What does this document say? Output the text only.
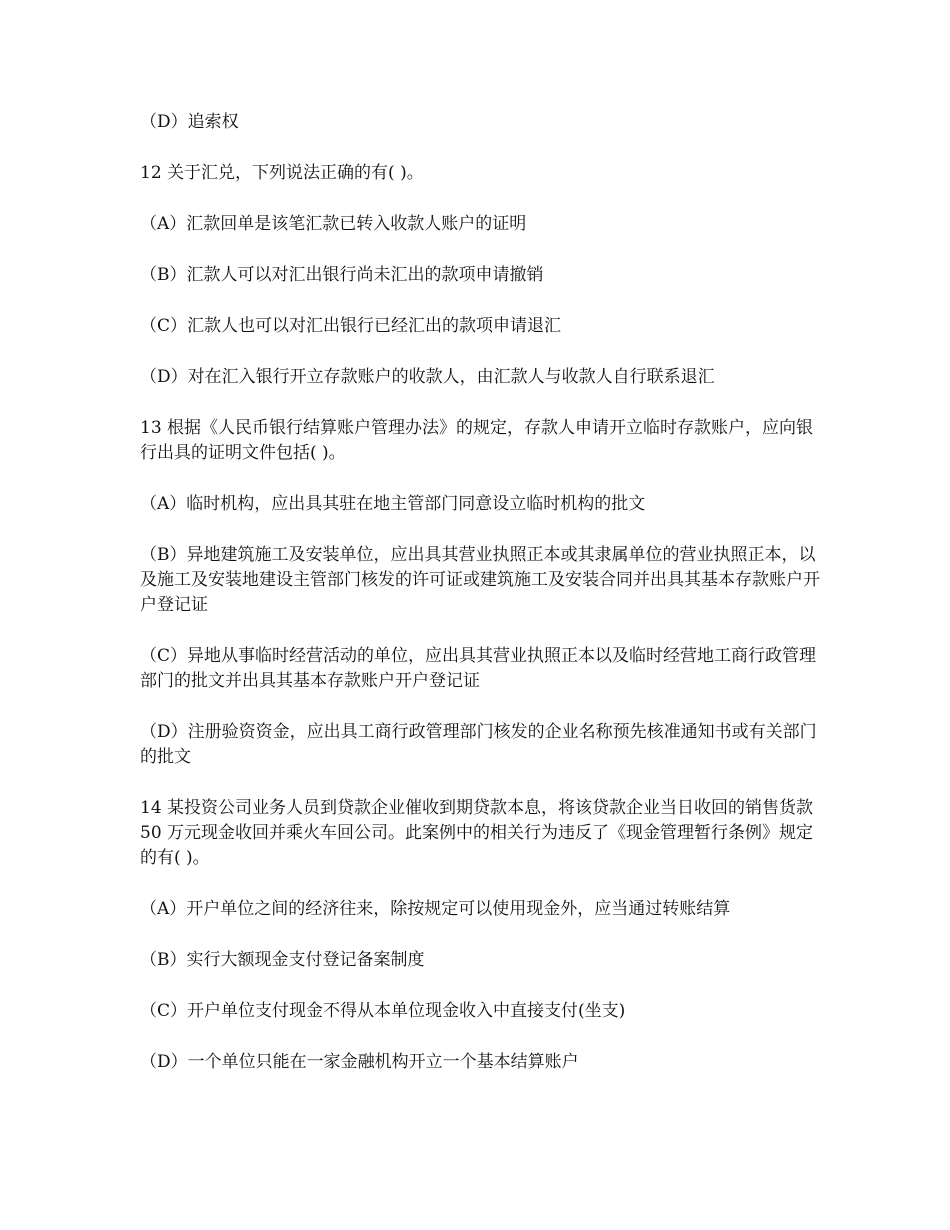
（D）追索权

12 关于汇兑，下列说法正确的有( )。

（A）汇款回单是该笔汇款已转入收款人账户的证明

（B）汇款人可以对汇出银行尚未汇出的款项申请撤销

（C）汇款人也可以对汇出银行已经汇出的款项申请退汇

（D）对在汇入银行开立存款账户的收款人，由汇款人与收款人自行联系退汇

13 根据《人民币银行结算账户管理办法》的规定，存款人申请开立临时存款账户，应向银行出具的证明文件包括( )。

（A）临时机构，应出具其驻在地主管部门同意设立临时机构的批文

（B）异地建筑施工及安装单位，应出具其营业执照正本或其隶属单位的营业执照正本，以及施工及安装地建设主管部门核发的许可证或建筑施工及安装合同并出具其基本存款账户开户登记证

（C）异地从事临时经营活动的单位，应出具其营业执照正本以及临时经营地工商行政管理部门的批文并出具其基本存款账户开户登记证

（D）注册验资资金，应出具工商行政管理部门核发的企业名称预先核准通知书或有关部门的批文

14 某投资公司业务人员到贷款企业催收到期贷款本息，将该贷款企业当日收回的销售货款 50 万元现金收回并乘火车回公司。此案例中的相关行为违反了《现金管理暂行条例》规定的有( )。

（A）开户单位之间的经济往来，除按规定可以使用现金外，应当通过转账结算

（B）实行大额现金支付登记备案制度

（C）开户单位支付现金不得从本单位现金收入中直接支付(坐支)

（D）一个单位只能在一家金融机构开立一个基本结算账户
